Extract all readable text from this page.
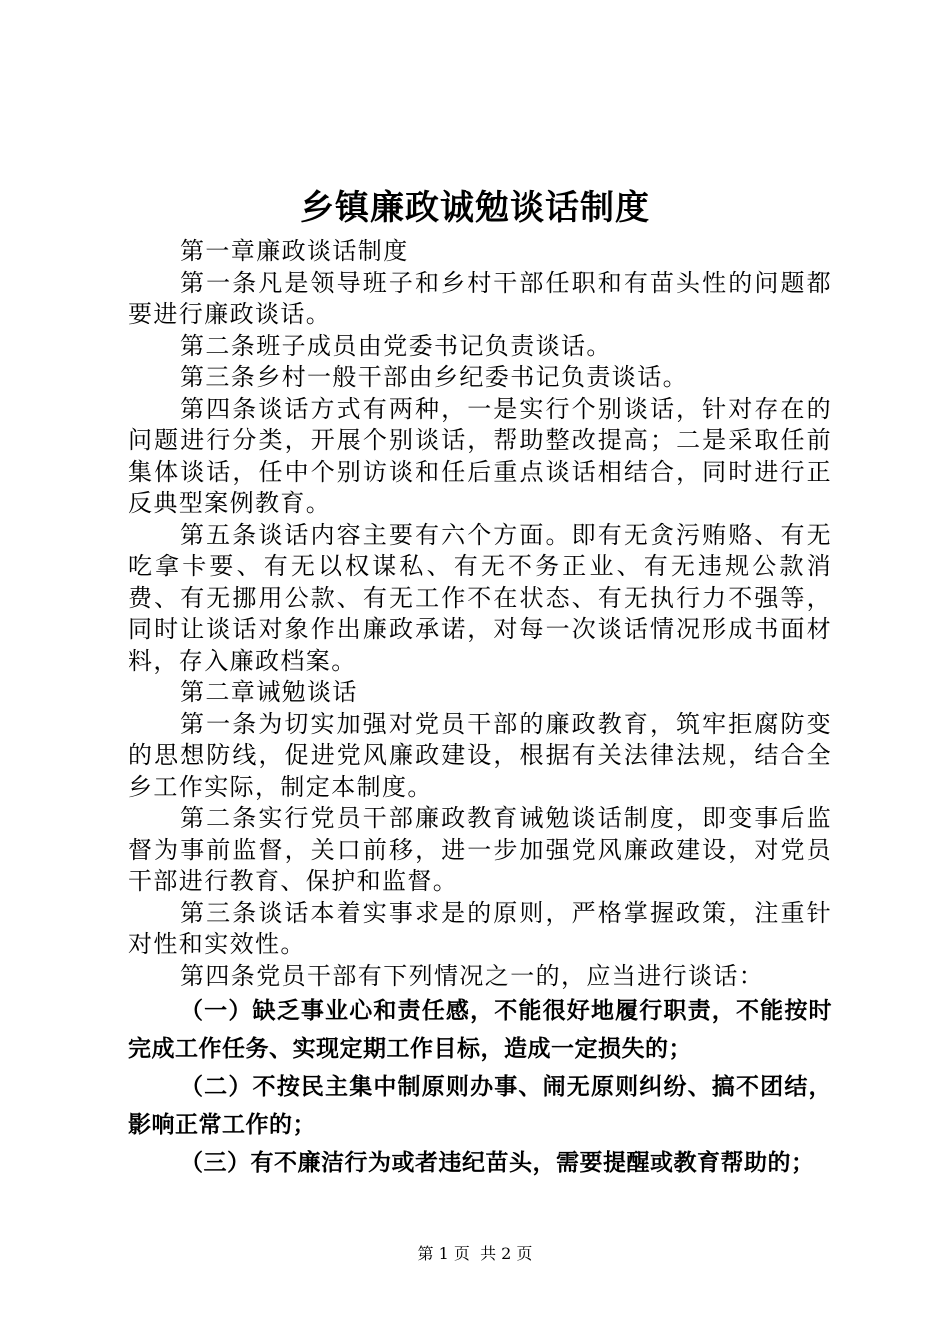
乡镇廉政诚勉谈话制度

第一章廉政谈话制度

第一条凡是领导班子和乡村干部任职和有苗头性的问题都要进行廉政谈话。

第二条班子成员由党委书记负责谈话。

第三条乡村一般干部由乡纪委书记负责谈话。

第四条谈话方式有两种，一是实行个别谈话，针对存在的问题进行分类，开展个别谈话，帮助整改提高；二是采取任前集体谈话，任中个别访谈和任后重点谈话相结合，同时进行正反典型案例教育。

第五条谈话内容主要有六个方面。即有无贪污贿赂、有无吃拿卡要、有无以权谋私、有无不务正业、有无违规公款消费、有无挪用公款、有无工作不在状态、有无执行力不强等，同时让谈话对象作出廉政承诺，对每一次谈话情况形成书面材料，存入廉政档案。

第二章诫勉谈话

第一条为切实加强对党员干部的廉政教育，筑牢拒腐防变的思想防线，促进党风廉政建设，根据有关法律法规，结合全乡工作实际，制定本制度。

第二条实行党员干部廉政教育诫勉谈话制度，即变事后监督为事前监督，关口前移，进一步加强党风廉政建设，对党员干部进行教育、保护和监督。

第三条谈话本着实事求是的原则，严格掌握政策，注重针对性和实效性。

第四条党员干部有下列情况之一的，应当进行谈话：

（一）缺乏事业心和责任感，不能很好地履行职责，不能按时完成工作任务、实现定期工作目标，造成一定损失的；

（二）不按民主集中制原则办事、闹无原则纠纷、搞不团结，影响正常工作的；

（三）有不廉洁行为或者违纪苗头，需要提醒或教育帮助的；

第 1 页 共 2 页
